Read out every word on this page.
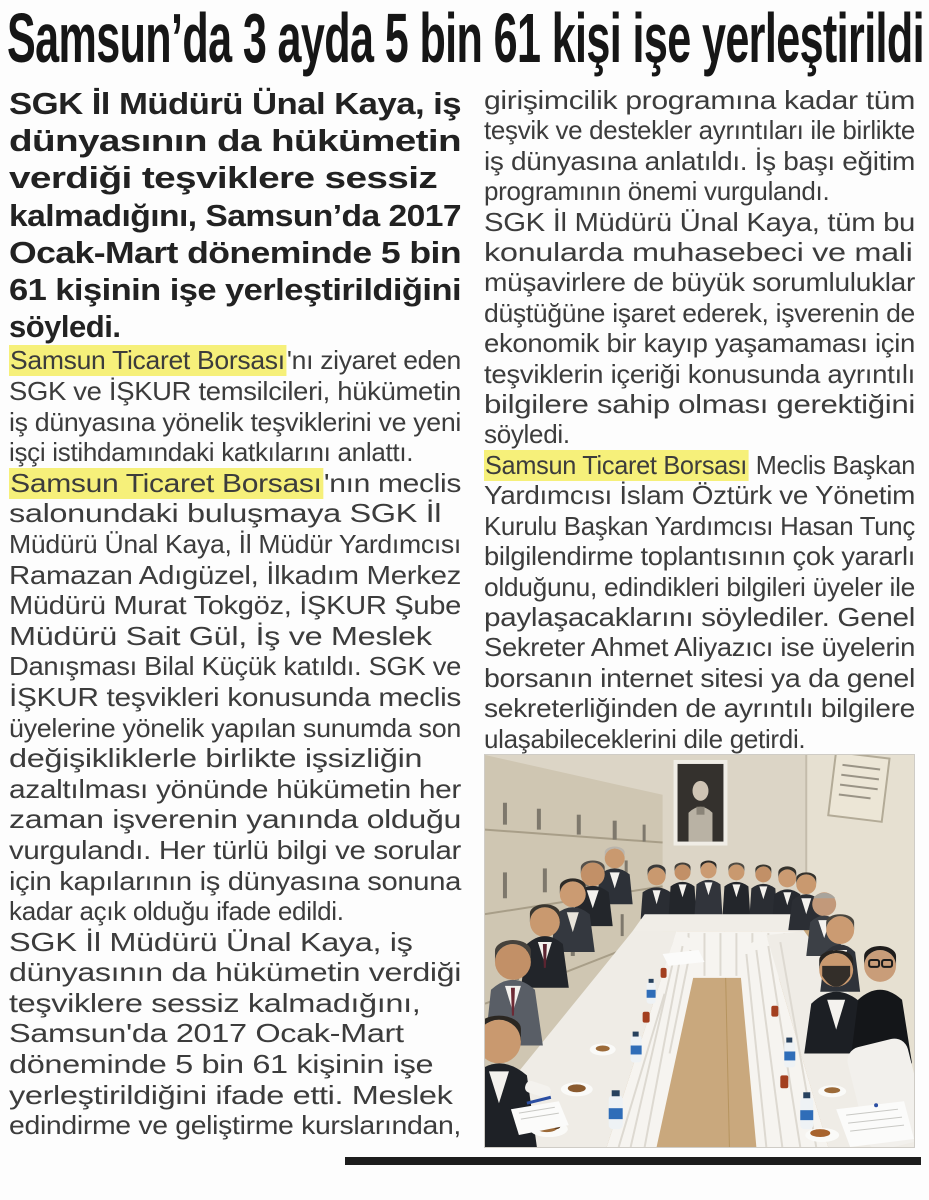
Samsun’da 3 ayda 5 bin 61 kişi işe yerleştirildi
SGK İl Müdürü Ünal Kaya, iş
dünyasının da hükümetin
verdiği teşviklere sessiz
kalmadığını, Samsun’da 2017
Ocak-Mart döneminde 5 bin
61 kişinin işe yerleştirildiğini
söyledi.
Samsun Ticaret Borsası'nı ziyaret eden
SGK ve İŞKUR temsilcileri, hükümetin
iş dünyasına yönelik teşviklerini ve yeni
işçi istihdamındaki katkılarını anlattı.
Samsun Ticaret Borsası'nın meclis
salonundaki buluşmaya SGK İl
Müdürü Ünal Kaya, İl Müdür Yardımcısı
Ramazan Adıgüzel, İlkadım Merkez
Müdürü Murat Tokgöz, İŞKUR Şube
Müdürü Sait Gül, İş ve Meslek
Danışması Bilal Küçük katıldı. SGK ve
İŞKUR teşvikleri konusunda meclis
üyelerine yönelik yapılan sunumda son
değişikliklerle birlikte işsizliğin
azaltılması yönünde hükümetin her
zaman işverenin yanında olduğu
vurgulandı. Her türlü bilgi ve sorular
için kapılarının iş dünyasına sonuna
kadar açık olduğu ifade edildi.
SGK İl Müdürü Ünal Kaya, iş
dünyasının da hükümetin verdiği
teşviklere sessiz kalmadığını,
Samsun'da 2017 Ocak-Mart
döneminde 5 bin 61 kişinin işe
yerleştirildiğini ifade etti. Meslek
edindirme ve geliştirme kurslarından,
girişimcilik programına kadar tüm
teşvik ve destekler ayrıntıları ile birlikte
iş dünyasına anlatıldı. İş başı eğitim
programının önemi vurgulandı.
SGK İl Müdürü Ünal Kaya, tüm bu
konularda muhasebeci ve mali
müşavirlere de büyük sorumluluklar
düştüğüne işaret ederek, işverenin de
ekonomik bir kayıp yaşamaması için
teşviklerin içeriği konusunda ayrıntılı
bilgilere sahip olması gerektiğini
söyledi.
Samsun Ticaret Borsası Meclis Başkan
Yardımcısı İslam Öztürk ve Yönetim
Kurulu Başkan Yardımcısı Hasan Tunç
bilgilendirme toplantısının çok yararlı
olduğunu, edindikleri bilgileri üyeler ile
paylaşacaklarını söylediler. Genel
Sekreter Ahmet Aliyazıcı ise üyelerin
borsanın internet sitesi ya da genel
sekreterliğinden de ayrıntılı bilgilere
ulaşabileceklerini dile getirdi.
